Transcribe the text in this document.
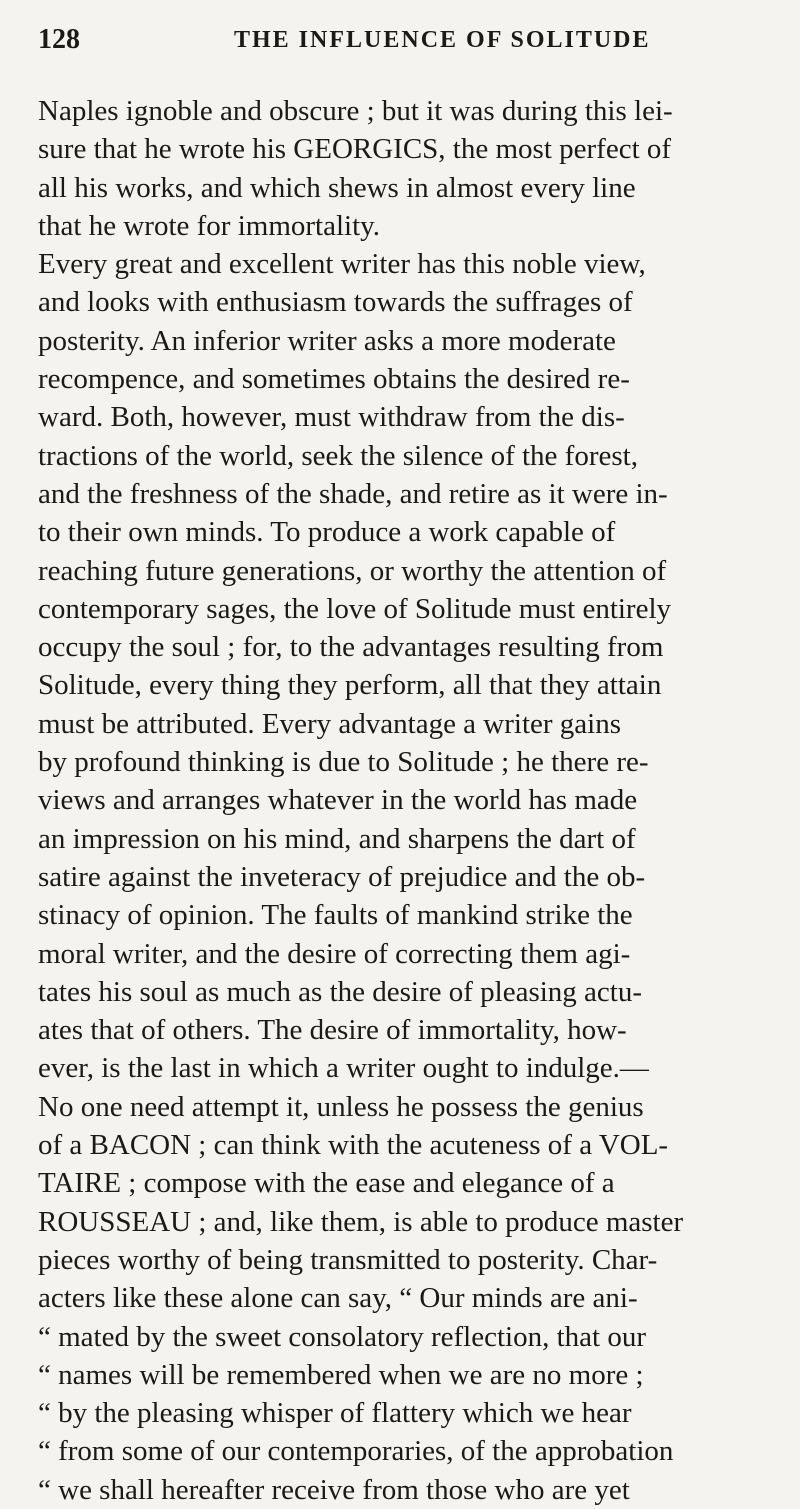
128	THE INFLUENCE OF SOLITUDE
Naples ignoble and obscure ; but it was during this lei-
sure that he wrote his GEORGICS, the most perfect of
all his works, and which shews in almost every line
that he wrote for immortality.
Every great and excellent writer has this noble view,
and looks with enthusiasm towards the suffrages of
posterity. An inferior writer asks a more moderate
recompence, and sometimes obtains the desired re-
ward. Both, however, must withdraw from the dis-
tractions of the world, seek the silence of the forest,
and the freshness of the shade, and retire as it were in-
to their own minds. To produce a work capable of
reaching future generations, or worthy the attention of
contemporary sages, the love of Solitude must entirely
occupy the soul ; for, to the advantages resulting from
Solitude, every thing they perform, all that they attain
must be attributed. Every advantage a writer gains
by profound thinking is due to Solitude ; he there re-
views and arranges whatever in the world has made
an impression on his mind, and sharpens the dart of
satire against the inveteracy of prejudice and the ob-
stinacy of opinion. The faults of mankind strike the
moral writer, and the desire of correcting them agi-
tates his soul as much as the desire of pleasing actu-
ates that of others. The desire of immortality, how-
ever, is the last in which a writer ought to indulge.—
No one need attempt it, unless he possess the genius
of a BACON ; can think with the acuteness of a VOL-
TAIRE ; compose with the ease and elegance of a
ROUSSEAU ; and, like them, is able to produce master
pieces worthy of being transmitted to posterity. Char-
acters like these alone can say, “ Our minds are ani-
“ mated by the sweet consolatory reflection, that our
“ names will be remembered when we are no more ;
“ by the pleasing whisper of flattery which we hear
“ from some of our contemporaries, of the approbation
“ we shall hereafter receive from those who are yet
